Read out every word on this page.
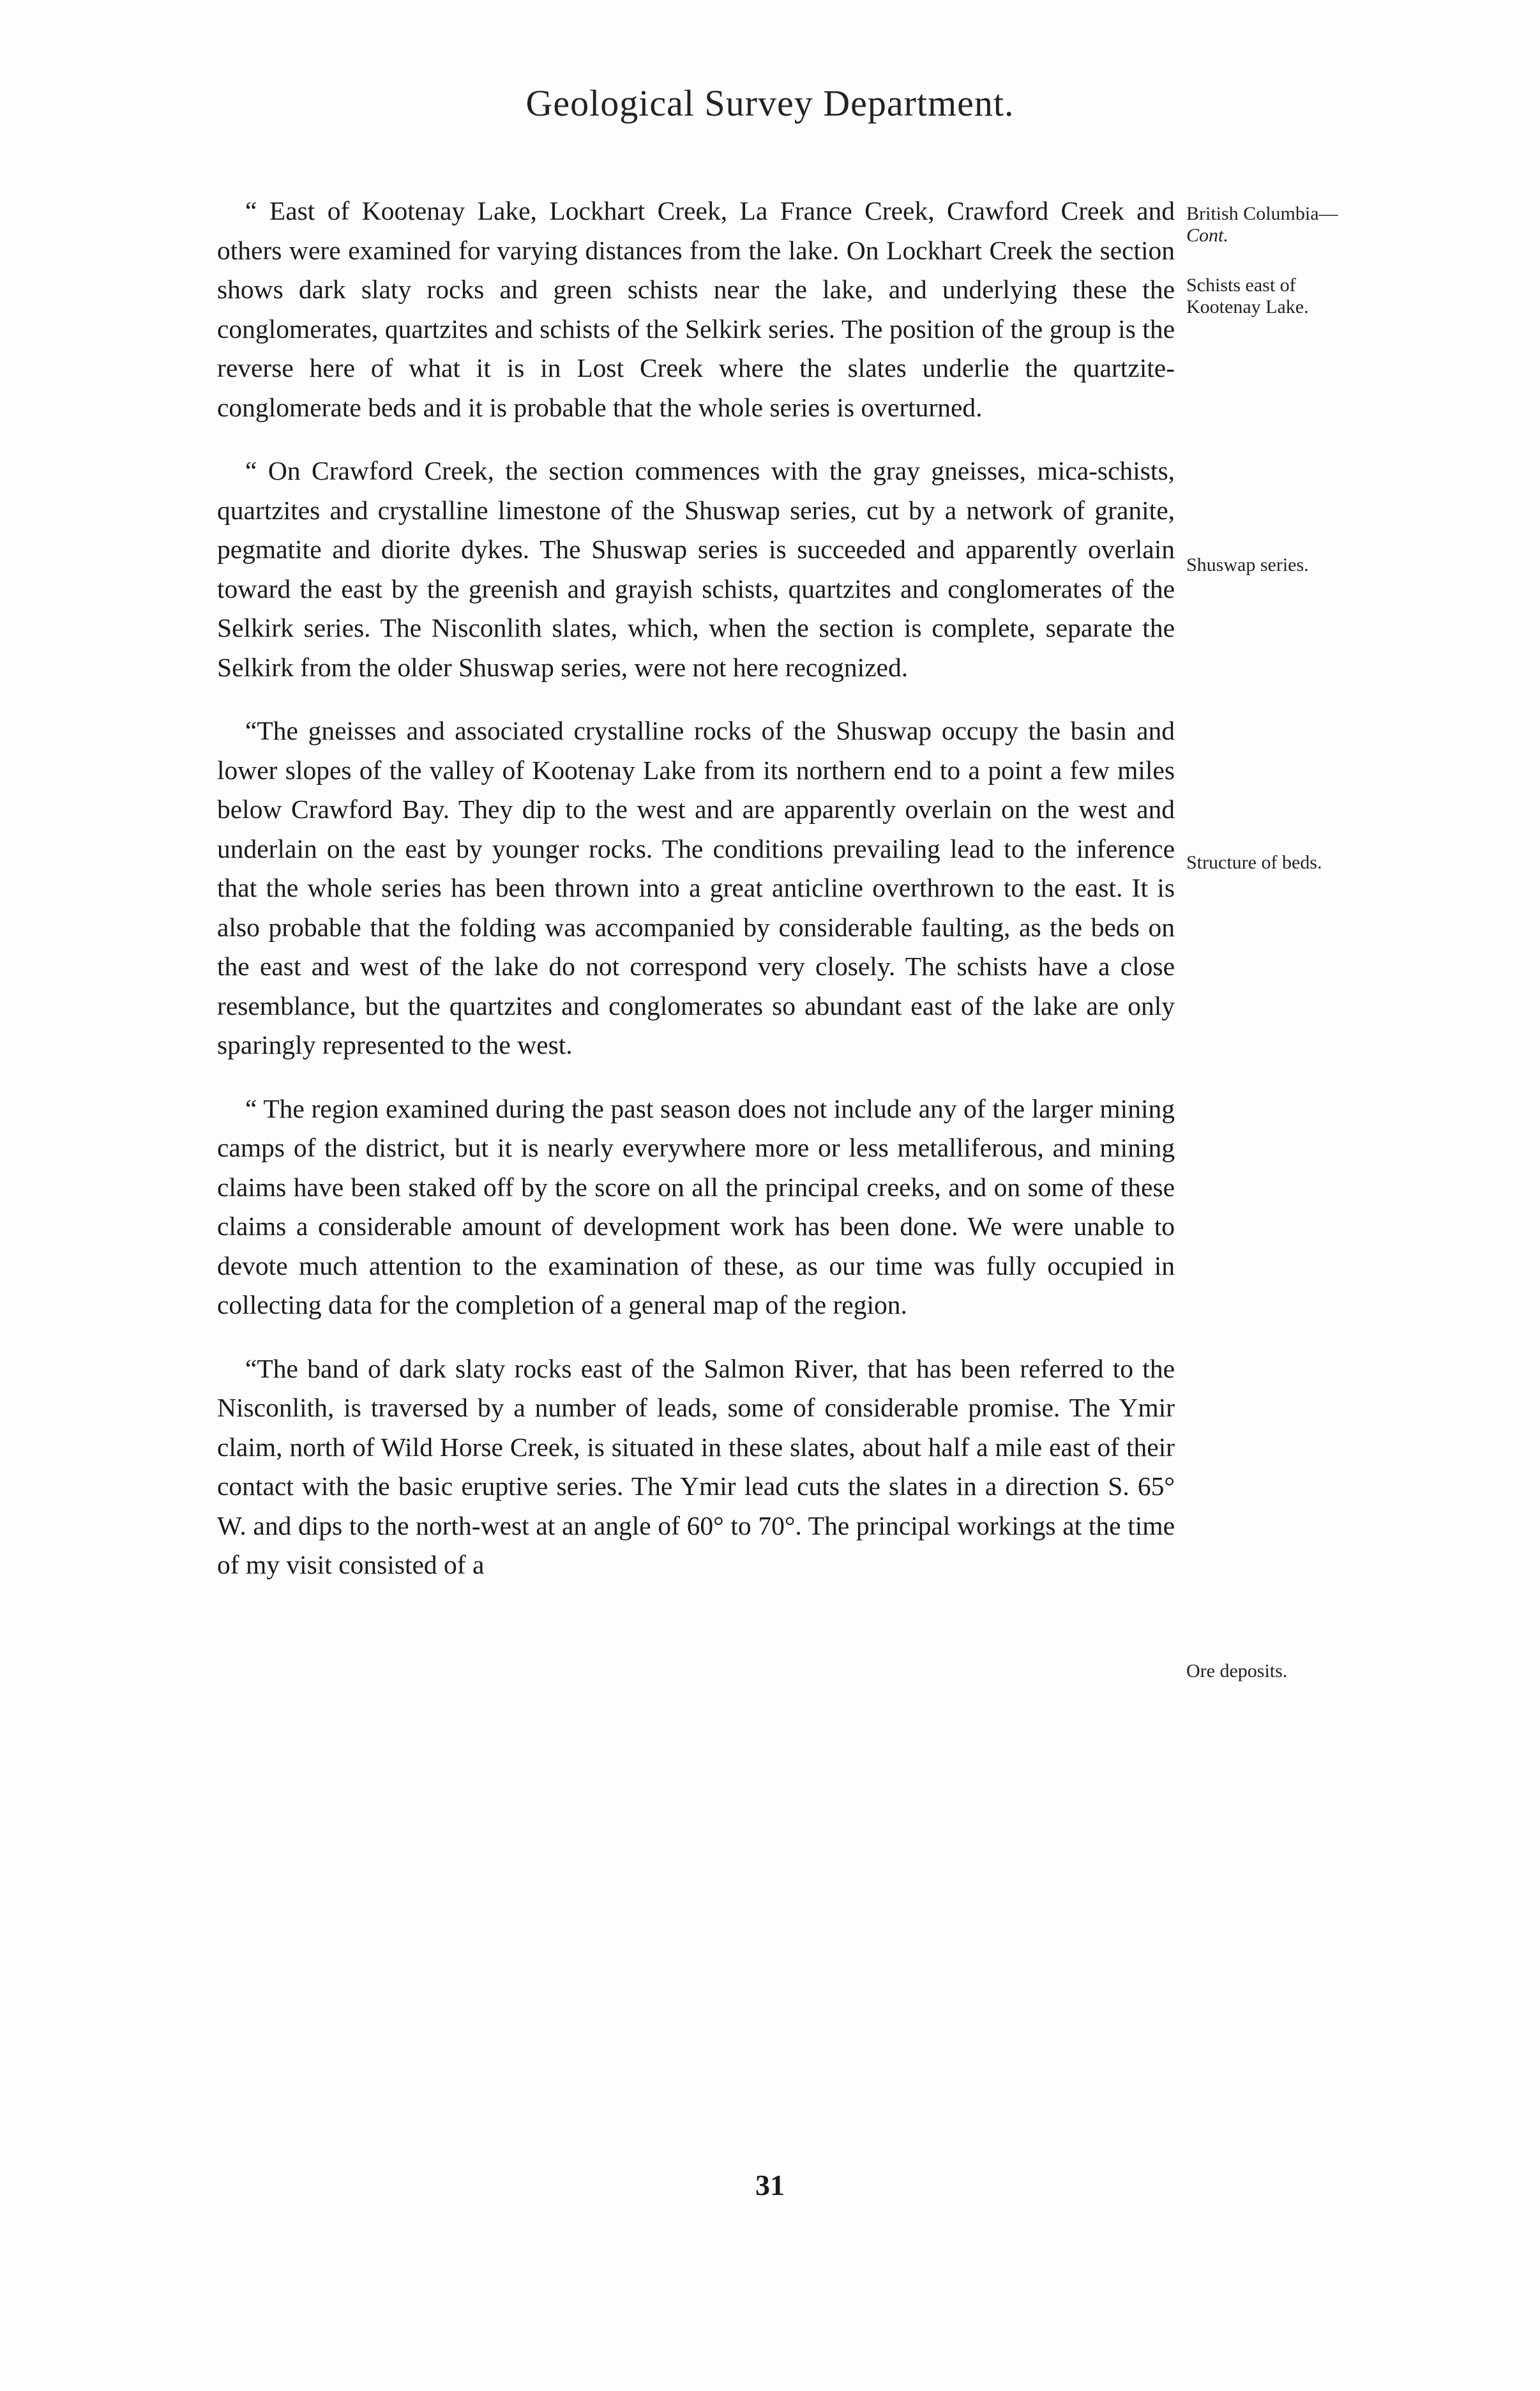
Geological Survey Department.

“ East of Kootenay Lake, Lockhart Creek, La France Creek, Crawford Creek and others were examined for varying distances from the lake. On Lockhart Creek the section shows dark slaty rocks and green schists near the lake, and underlying these the conglomerates, quartzites and schists of the Selkirk series. The position of the group is the reverse here of what it is in Lost Creek where the slates underlie the quartzite-conglomerate beds and it is probable that the whole series is overturned.

“ On Crawford Creek, the section commences with the gray gneisses, mica-schists, quartzites and crystalline limestone of the Shuswap series, cut by a network of granite, pegmatite and diorite dykes. The Shuswap series is succeeded and apparently overlain toward the east by the greenish and grayish schists, quartzites and conglomerates of the Selkirk series. The Nisconlith slates, which, when the section is complete, separate the Selkirk from the older Shuswap series, were not here recognized.

“The gneisses and associated crystalline rocks of the Shuswap occupy the basin and lower slopes of the valley of Kootenay Lake from its northern end to a point a few miles below Crawford Bay. They dip to the west and are apparently overlain on the west and underlain on the east by younger rocks. The conditions prevailing lead to the inference that the whole series has been thrown into a great anticline overthrown to the east. It is also probable that the folding was accompanied by considerable faulting, as the beds on the east and west of the lake do not correspond very closely. The schists have a close resemblance, but the quartzites and conglomerates so abundant east of the lake are only sparingly represented to the west.

“ The region examined during the past season does not include any of the larger mining camps of the district, but it is nearly everywhere more or less metalliferous, and mining claims have been staked off by the score on all the principal creeks, and on some of these claims a considerable amount of development work has been done. We were unable to devote much attention to the examination of these, as our time was fully occupied in collecting data for the completion of a general map of the region.

“The band of dark slaty rocks east of the Salmon River, that has been referred to the Nisconlith, is traversed by a number of leads, some of considerable promise. The Ymir claim, north of Wild Horse Creek, is situated in these slates, about half a mile east of their contact with the basic eruptive series. The Ymir lead cuts the slates in a direction S. 65° W. and dips to the north-west at an angle of 60° to 70°. The principal workings at the time of my visit consisted of a

British Columbia—Cont.
Schists east of Kootenay Lake.
Shuswap series.
Structure of beds.
Ore deposits.
31
